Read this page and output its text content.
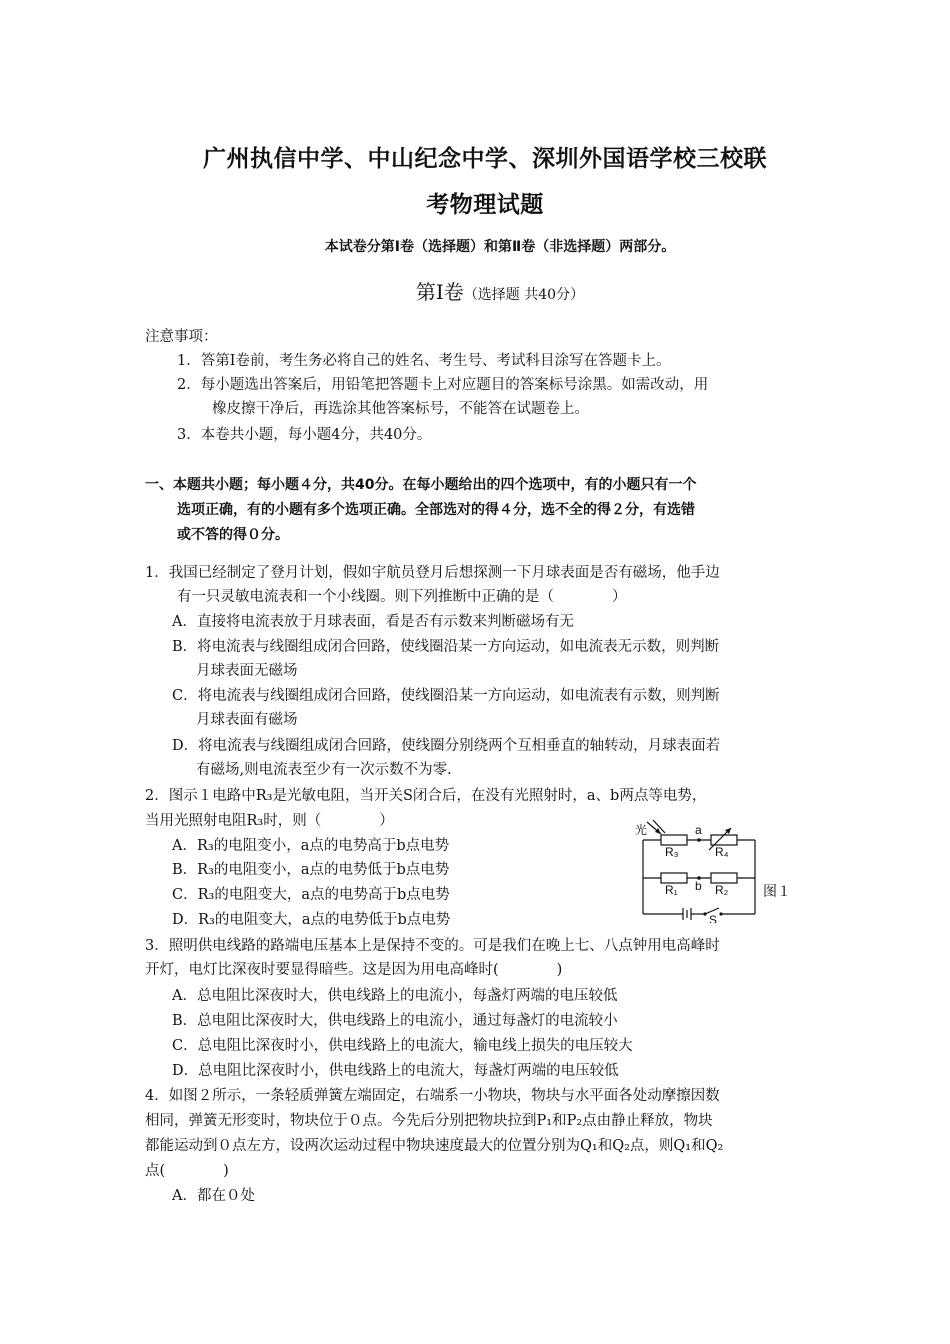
广州执信中学、中山纪念中学、深圳外国语学校三校联
考物理试题
本试卷分第Ⅰ卷（选择题）和第Ⅱ卷（非选择题）两部分。
第Ⅰ卷（选择题 共40分）
注意事项：
1．答第Ⅰ卷前，考生务必将自己的姓名、考生号、考试科目涂写在答题卡上。
2．每小题选出答案后，用铅笔把答题卡上对应题目的答案标号涂黑。如需改动，用
橡皮擦干净后，再选涂其他答案标号，不能答在试题卷上。
3．本卷共小题，每小题4分，共40分。
一、本题共小题；每小题４分，共40分。在每小题给出的四个选项中，有的小题只有一个
选项正确，有的小题有多个选项正确。全部选对的得４分，选不全的得２分，有选错
或不答的得０分。
1．我国已经制定了登月计划，假如宇航员登月后想探测一下月球表面是否有磁场，他手边
有一只灵敏电流表和一个小线圈。则下列推断中正确的是（　　　　）
A．直接将电流表放于月球表面，看是否有示数来判断磁场有无
B．将电流表与线圈组成闭合回路，使线圈沿某一方向运动，如电流表无示数，则判断
月球表面无磁场
C．将电流表与线圈组成闭合回路，使线圈沿某一方向运动，如电流表有示数，则判断
月球表面有磁场
D．将电流表与线圈组成闭合回路，使线圈分别绕两个互相垂直的轴转动，月球表面若
有磁场,则电流表至少有一次示数不为零.
2．图示１电路中R₃是光敏电阻，当开关S闭合后，在没有光照射时，a、b两点等电势，
当用光照射电阻R₃时，则（　　　　）
A．R₃的电阻变小，a点的电势高于b点电势
B．R₃的电阻变小，a点的电势低于b点电势
C．R₃的电阻变大，a点的电势高于b点电势
D．R₃的电阻变大，a点的电势低于b点电势
光	a
b
R₃	R₄
R₁	R₂
S
图１
3．照明供电线路的路端电压基本上是保持不变的。可是我们在晚上七、八点钟用电高峰时
开灯，电灯比深夜时要显得暗些。这是因为用电高峰时(　　　　)
A．总电阻比深夜时大，供电线路上的电流小，每盏灯两端的电压较低
B．总电阻比深夜时大，供电线路上的电流小，通过每盏灯的电流较小
C．总电阻比深夜时小，供电线路上的电流大，输电线上损失的电压较大
D．总电阻比深夜时小，供电线路上的电流大，每盏灯两端的电压较低
4．如图２所示，一条轻质弹簧左端固定，右端系一小物块，物块与水平面各处动摩擦因数
相同，弹簧无形变时，物块位于０点。今先后分别把物块拉到P₁和P₂点由静止释放，物块
都能运动到０点左方，设两次运动过程中物块速度最大的位置分别为Q₁和Q₂点，则Q₁和Q₂
点(　　　　)
A．都在０处
